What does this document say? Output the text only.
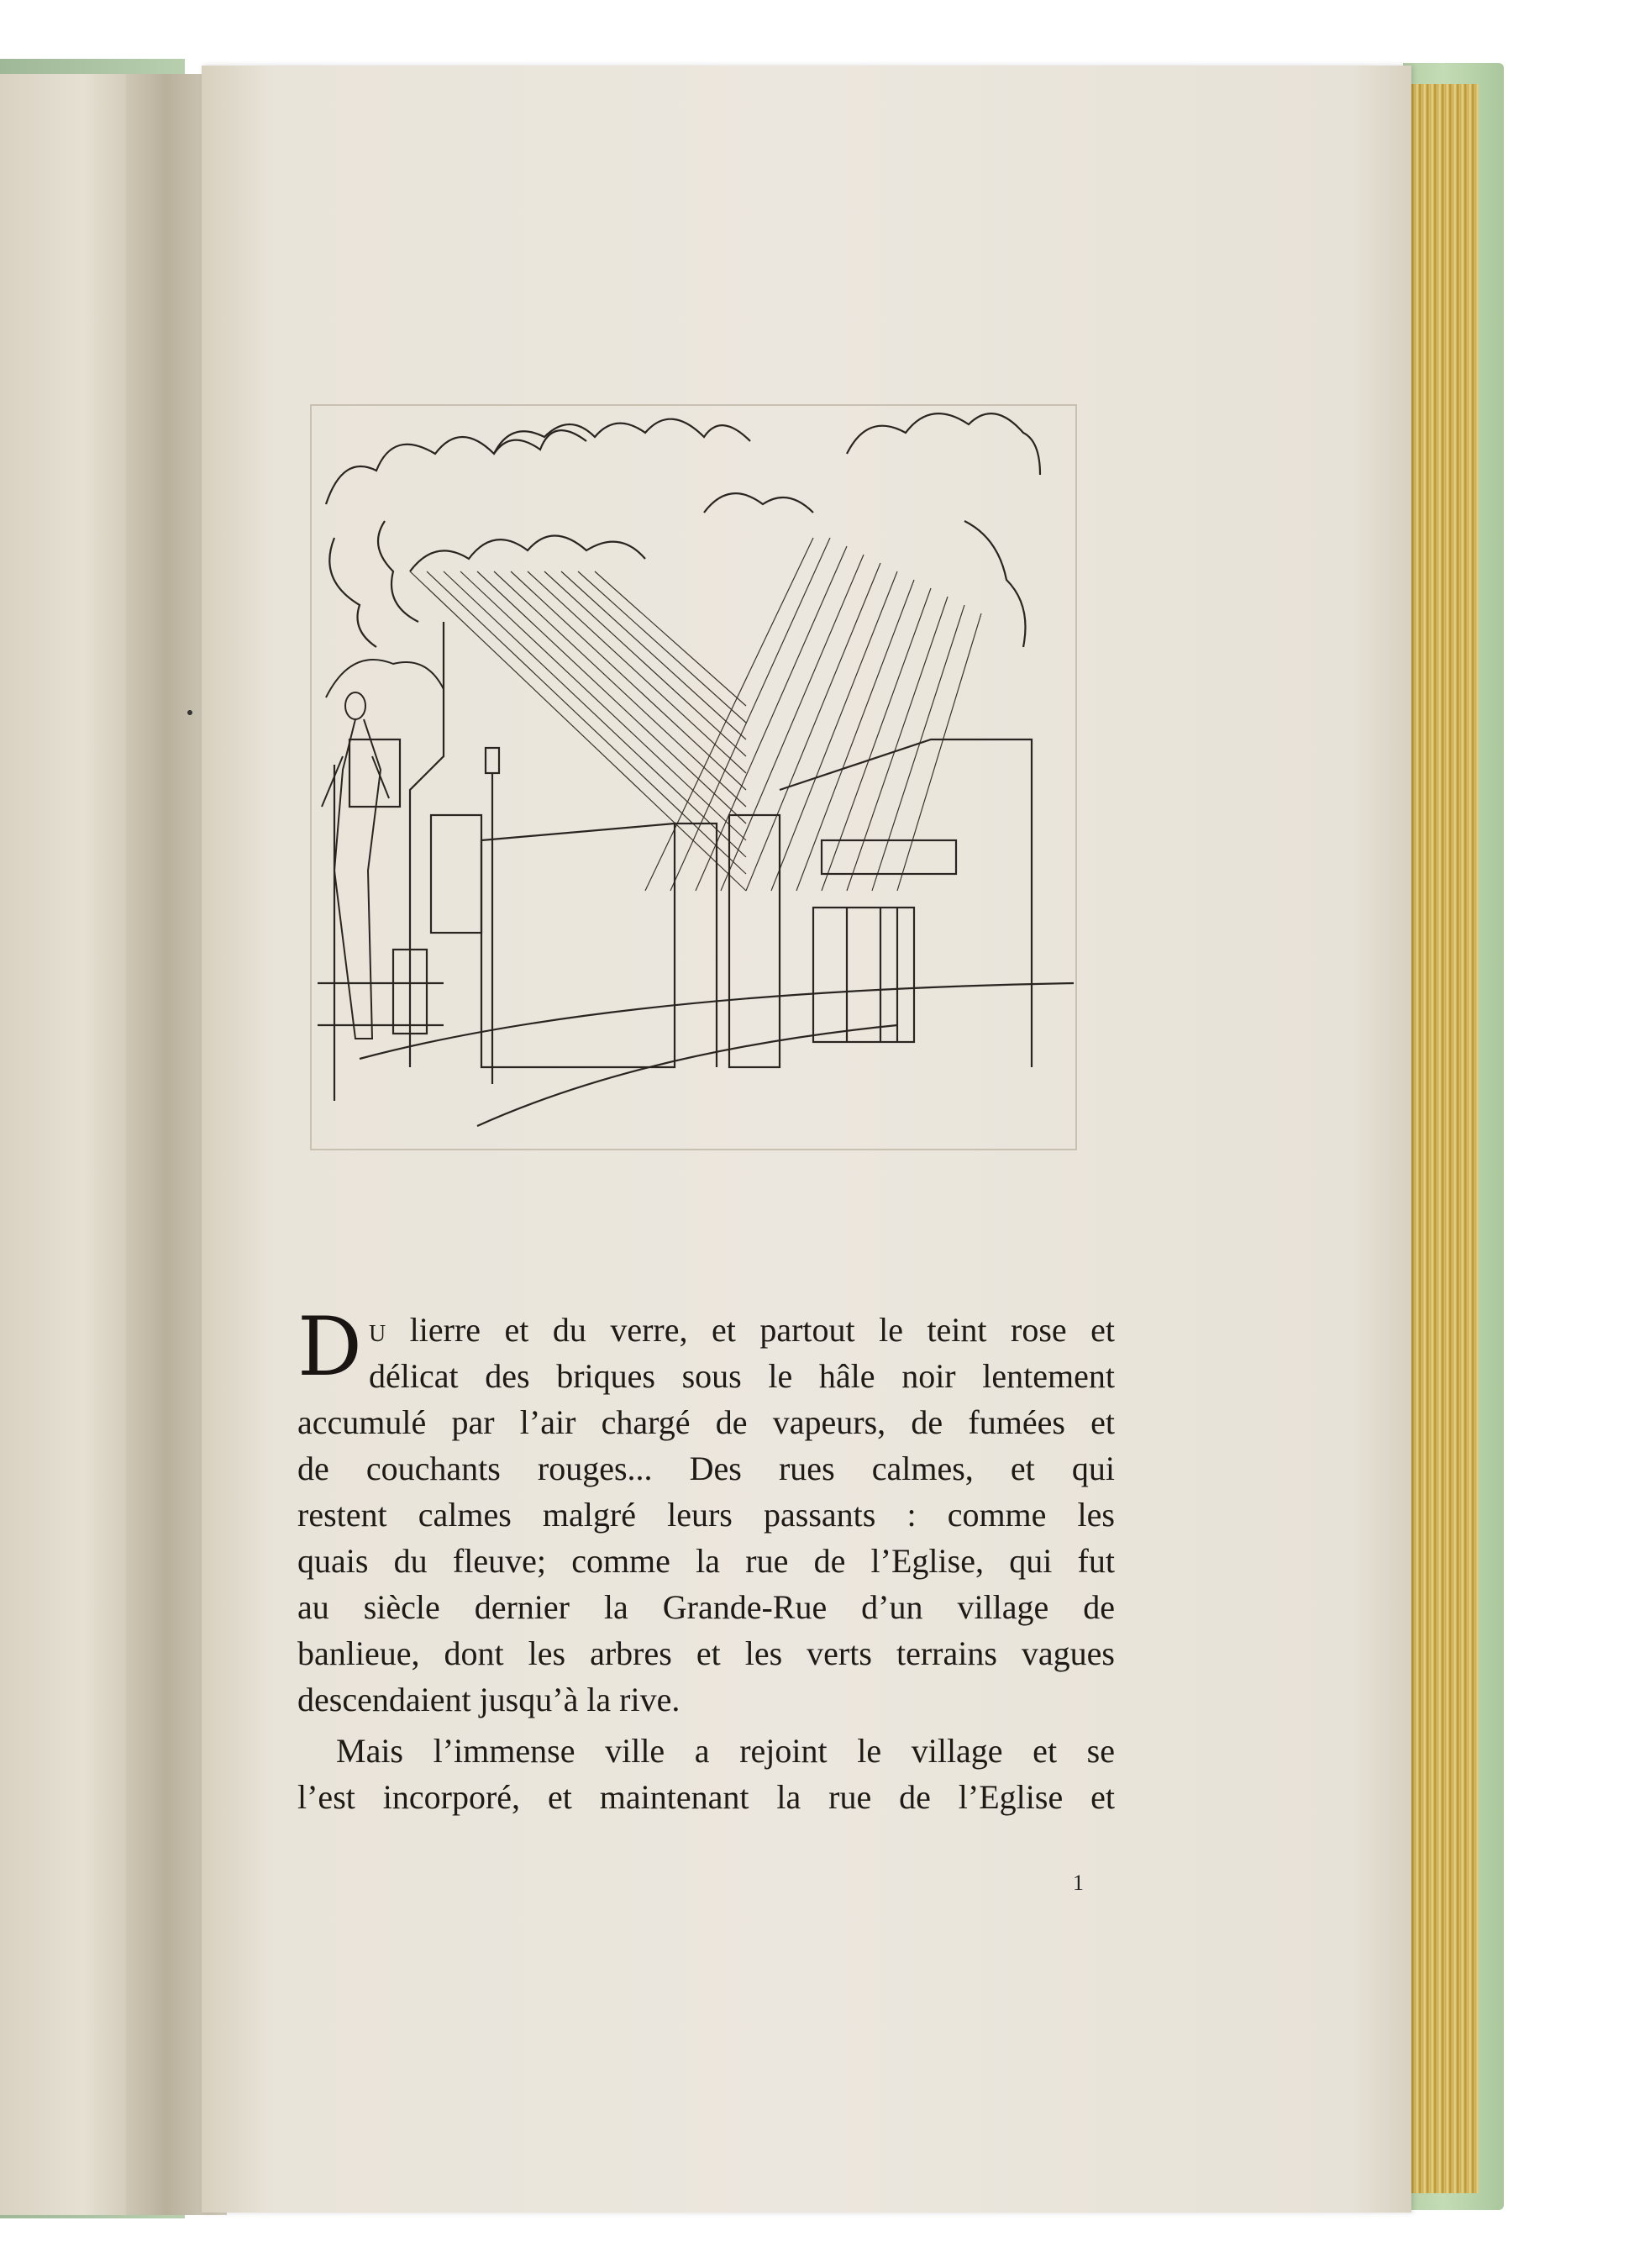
D u lierre et du verre, et partout le teint rose et
délicat des briques sous le hâle noir lentement
accumulé par l’air chargé de vapeurs, de fumées et
de couchants rouges... Des rues calmes, et qui
restent calmes malgré leurs passants : comme les
quais du fleuve; comme la rue de l’Eglise, qui fut
au siècle dernier la Grande-Rue d’un village de
banlieue, dont les arbres et les verts terrains vagues
descendaient jusqu’à la rive.
Mais l’immense ville a rejoint le village et se
l’est incorporé, et maintenant la rue de l’Eglise et
1
